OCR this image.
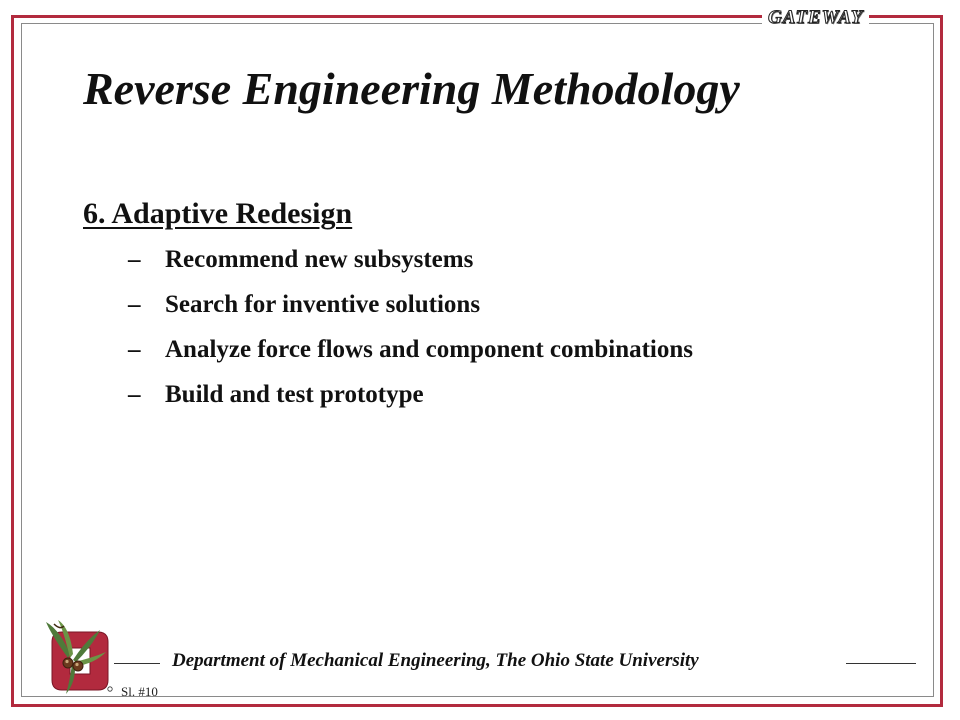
GATEWAY
Reverse Engineering Methodology
6. Adaptive Redesign
– Recommend new subsystems
– Search for inventive solutions
– Analyze force flows and component combinations
– Build and test prototype
Department of Mechanical Engineering, The Ohio State University
Sl. #10
